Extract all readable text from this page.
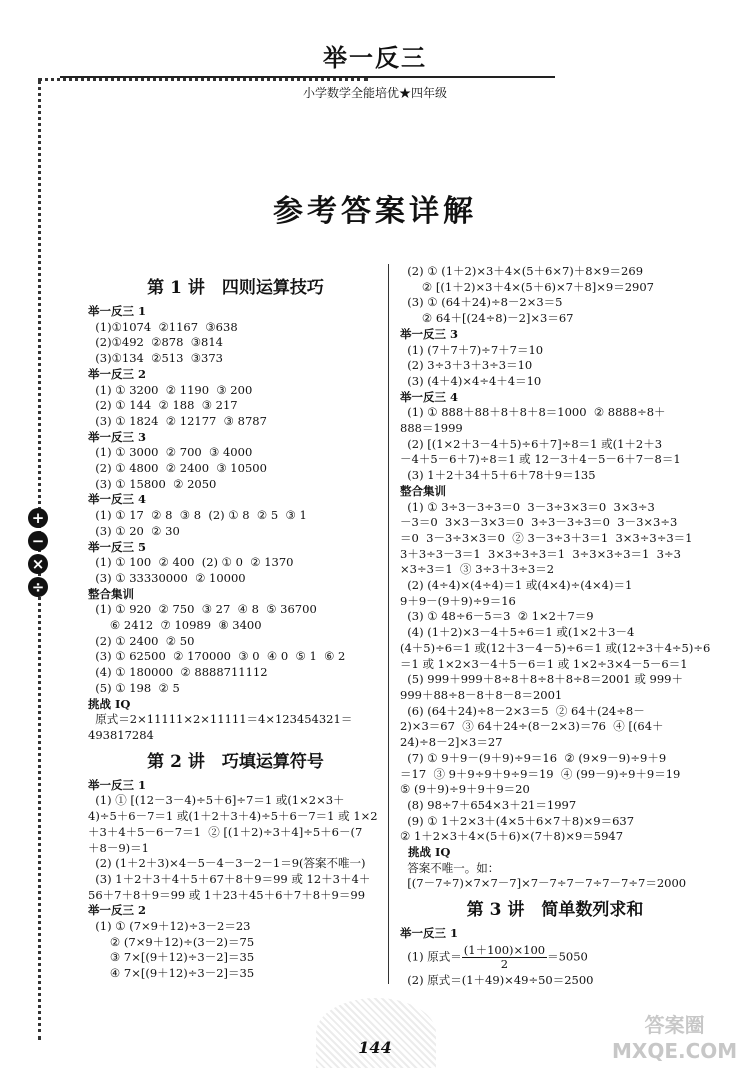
举一反三
小学数学全能培优★四年级
参考答案详解
+
−
×
÷
第 1 讲　四则运算技巧
举一反三 1
(1)①1074  ②1167  ③638
(2)①492  ②878  ③814
(3)①134  ②513  ③373
举一反三 2
(1) ① 3200  ② 1190  ③ 200
(2) ① 144  ② 188  ③ 217
(3) ① 1824  ② 12177  ③ 8787
举一反三 3
(1) ① 3000  ② 700  ③ 4000
(2) ① 4800  ② 2400  ③ 10500
(3) ① 15800  ② 2050
举一反三 4
(1) ① 17  ② 8  ③ 8  (2) ① 8  ② 5  ③ 1
(3) ① 20  ② 30
举一反三 5
(1) ① 100  ② 400  (2) ① 0  ② 1370
(3) ① 33330000  ② 10000
整合集训
(1) ① 920  ② 750  ③ 27  ④ 8  ⑤ 36700
⑥ 2412  ⑦ 10989  ⑧ 3400
(2) ① 2400  ② 50
(3) ① 62500  ② 170000  ③ 0  ④ 0  ⑤ 1  ⑥ 2
(4) ① 180000  ② 8888711112
(5) ① 198  ② 5
挑战 IQ
原式＝2×11111×2×11111＝4×123454321＝
493817284
第 2 讲　巧填运算符号
举一反三 1
(1) ① [(12－3－4)÷5＋6]÷7＝1 或(1×2×3＋
4)÷5＋6－7＝1 或(1＋2＋3＋4)÷5＋6－7＝1 或 1×2
＋3＋4＋5－6－7＝1  ② [(1＋2)÷3＋4]÷5＋6－(7
＋8－9)＝1
(2) (1＋2＋3)×4－5－4－3－2－1＝9(答案不唯一)
(3) 1＋2＋3＋4＋5＋67＋8＋9＝99 或 12＋3＋4＋
56＋7＋8＋9＝99 或 1＋23＋45＋6＋7＋8＋9＝99
举一反三 2
(1) ① (7×9＋12)÷3－2＝23
② (7×9＋12)÷(3－2)＝75
③ 7×[(9＋12)÷3－2]＝35
④ 7×[(9＋12)÷3－2]＝35
(2) ① (1＋2)×3＋4×(5＋6×7)＋8×9＝269
② [(1＋2)×3＋4×(5＋6)×7＋8]×9＝2907
(3) ① (64＋24)÷8－2×3＝5
② 64＋[(24÷8)－2]×3＝67
举一反三 3
(1) (7＋7＋7)÷7＋7＝10
(2) 3÷3＋3＋3÷3＝10
(3) (4＋4)×4÷4＋4＝10
举一反三 4
(1) ① 888＋88＋8＋8＋8＝1000  ② 8888÷8＋
888＝1999
(2) [(1×2＋3－4＋5)÷6＋7]÷8＝1 或(1＋2＋3
－4＋5－6＋7)÷8＝1 或 12－3＋4－5－6＋7－8＝1
(3) 1＋2＋34＋5＋6＋78＋9＝135
整合集训
(1) ① 3÷3－3÷3＝0  3－3÷3×3＝0  3×3÷3
－3＝0  3×3－3×3＝0  3÷3－3÷3＝0  3－3×3÷3
＝0  3－3÷3×3＝0  ② 3－3÷3＋3＝1  3×3÷3÷3＝1
3＋3÷3－3＝1  3×3÷3÷3＝1  3÷3×3÷3＝1  3÷3
×3÷3＝1  ③ 3÷3＋3÷3＝2
(2) (4÷4)×(4÷4)＝1 或(4×4)÷(4×4)＝1
9＋9－(9＋9)÷9＝16
(3) ① 48÷6－5＝3  ② 1×2＋7＝9
(4) (1＋2)×3－4＋5÷6＝1 或(1×2＋3－4
(4＋5)÷6＝1 或(12＋3－4－5)÷6＝1 或(12÷3＋4÷5)÷6
＝1 或 1×2×3－4＋5－6＝1 或 1×2÷3×4－5－6＝1
(5) 999＋999＋8÷8＋8÷8＋8÷8＝2001 或 999＋
999＋88÷8－8＋8－8＝2001
(6) (64＋24)÷8－2×3＝5  ② 64＋(24÷8－
2)×3＝67  ③ 64＋24÷(8－2×3)＝76  ④ [(64＋
24)÷8－2]×3＝27
(7) ① 9＋9－(9＋9)÷9＝16  ② (9×9－9)÷9＋9
＝17  ③ 9＋9÷9＋9÷9＝19  ④ (99－9)÷9＋9＝19
⑤ (9＋9)÷9＋9＋9＝20
(8) 98÷7＋654×3＋21＝1997
(9) ① 1＋2×3＋(4×5＋6×7＋8)×9＝637
② 1＋2×3＋4×(5＋6)×(7＋8)×9＝5947
挑战 IQ
答案不唯一。如：
[(7－7÷7)×7×7－7]×7－7÷7－7÷7－7÷7＝2000
第 3 讲　简单数列求和
举一反三 1
(1) 原式＝ $\frac{(1+100)\times 100}{2} =5050$
(2) 原式＝(1＋49)×49÷50＝2500
144
答案圈
MXQE.COM
